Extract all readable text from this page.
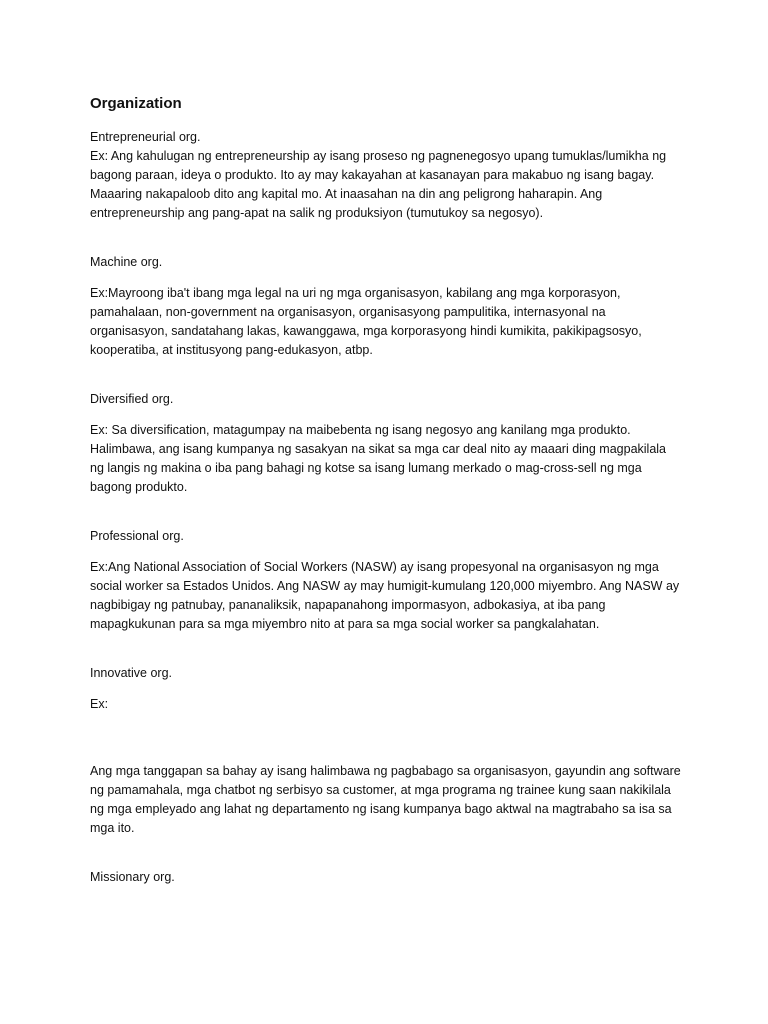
Organization
Entrepreneurial org.
Ex: Ang kahulugan ng entrepreneurship ay isang proseso ng pagnenegosyo upang tumuklas/lumikha ng
bagong paraan, ideya o produkto. Ito ay may kakayahan at kasanayan para makabuo ng isang bagay.
Maaaring nakapaloob dito ang kapital mo. At inaasahan na din ang peligrong haharapin. Ang
entrepreneurship ang pang-apat na salik ng produksiyon (tumutukoy sa negosyo).
Machine org.
Ex:Mayroong iba't ibang mga legal na uri ng mga organisasyon, kabilang ang mga korporasyon,
pamahalaan, non-government na organisasyon, organisasyong pampulitika, internasyonal na
organisasyon, sandatahang lakas, kawanggawa, mga korporasyong hindi kumikita, pakikipagsosyo,
kooperatiba, at institusyong pang-edukasyon, atbp.
Diversified org.
Ex: Sa diversification, matagumpay na maibebenta ng isang negosyo ang kanilang mga produkto.
Halimbawa, ang isang kumpanya ng sasakyan na sikat sa mga car deal nito ay maaari ding magpakilala
ng langis ng makina o iba pang bahagi ng kotse sa isang lumang merkado o mag-cross-sell ng mga
bagong produkto.
Professional org.
Ex:Ang National Association of Social Workers (NASW) ay isang propesyonal na organisasyon ng mga
social worker sa Estados Unidos. Ang NASW ay may humigit-kumulang 120,000 miyembro. Ang NASW ay
nagbibigay ng patnubay, pananaliksik, napapanahong impormasyon, adbokasiya, at iba pang
mapagkukunan para sa mga miyembro nito at para sa mga social worker sa pangkalahatan.
Innovative org.
Ex:
Ang mga tanggapan sa bahay ay isang halimbawa ng pagbabago sa organisasyon, gayundin ang software
ng pamamahala, mga chatbot ng serbisyo sa customer, at mga programa ng trainee kung saan nakikilala
ng mga empleyado ang lahat ng departamento ng isang kumpanya bago aktwal na magtrabaho sa isa sa
mga ito.
Missionary org.
